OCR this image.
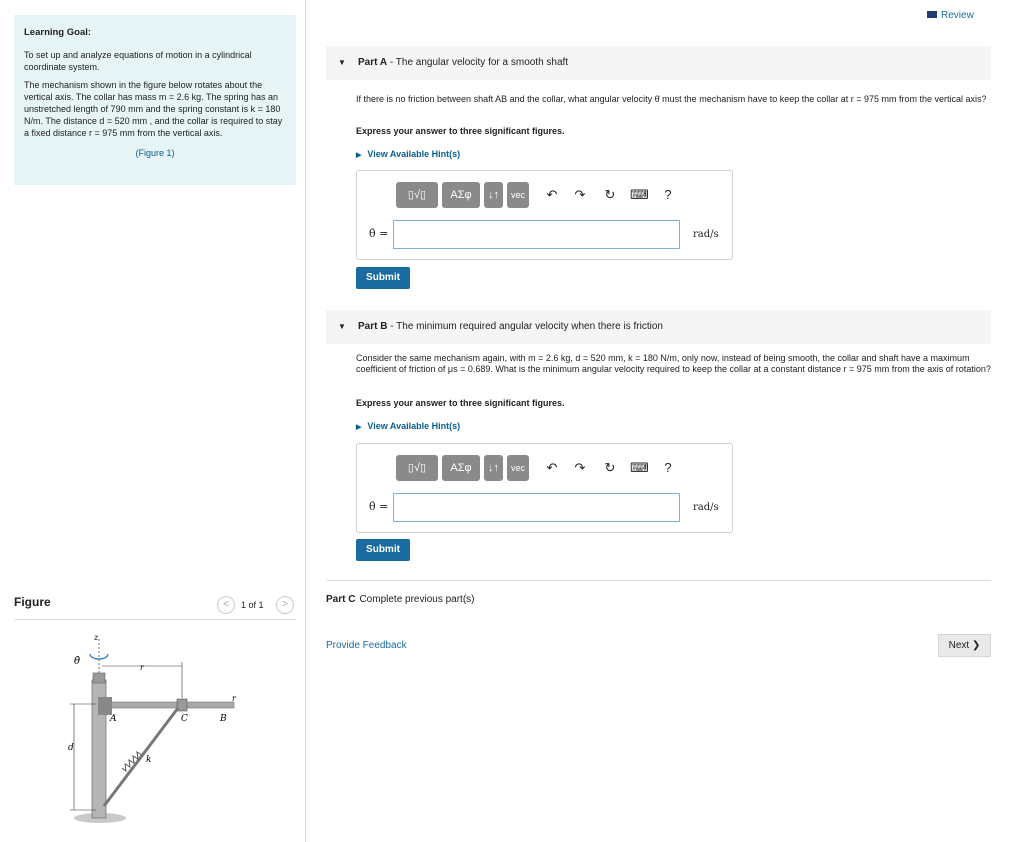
Learning Goal:

To set up and analyze equations of motion in a cylindrical coordinate system.

The mechanism shown in the figure below rotates about the vertical axis. The collar has mass m = 2.6 kg. The spring has an unstretched length of 790 mm and the spring constant is k = 180 N/m. The distance d = 520 mm , and the collar is required to stay a fixed distance r = 975 mm from the vertical axis.

(Figure 1)
Figure	<	1 of 1	>
z
θ̇
r
r
A	C	B
d
k
Review
▼ Part A - The angular velocity for a smooth shaft
If there is no friction between shaft AB and the collar, what angular velocity θ̇ must the mechanism have to keep the collar at r = 975 mm from the vertical axis?
Express your answer to three significant figures.
▶ View Available Hint(s)
▯√▯	ΑΣφ	↓↑	vec	↶ ↷ ↻ ⌨	?
θ̇ =	rad/s
Submit
▼ Part B - The minimum required angular velocity when there is friction
Consider the same mechanism again, with m = 2.6 kg, d = 520 mm, k = 180 N/m, only now, instead of being smooth, the collar and shaft have a maximum coefficient of friction of μs = 0.689. What is the minimum angular velocity required to keep the collar at a constant distance r = 975 mm from the axis of rotation?
Express your answer to three significant figures.
▶ View Available Hint(s)
▯√▯	ΑΣφ	↓↑	vec	↶ ↷ ↻ ⌨	?
θ̇ =	rad/s
Submit
Part C Complete previous part(s)
Provide Feedback	Next ❯
